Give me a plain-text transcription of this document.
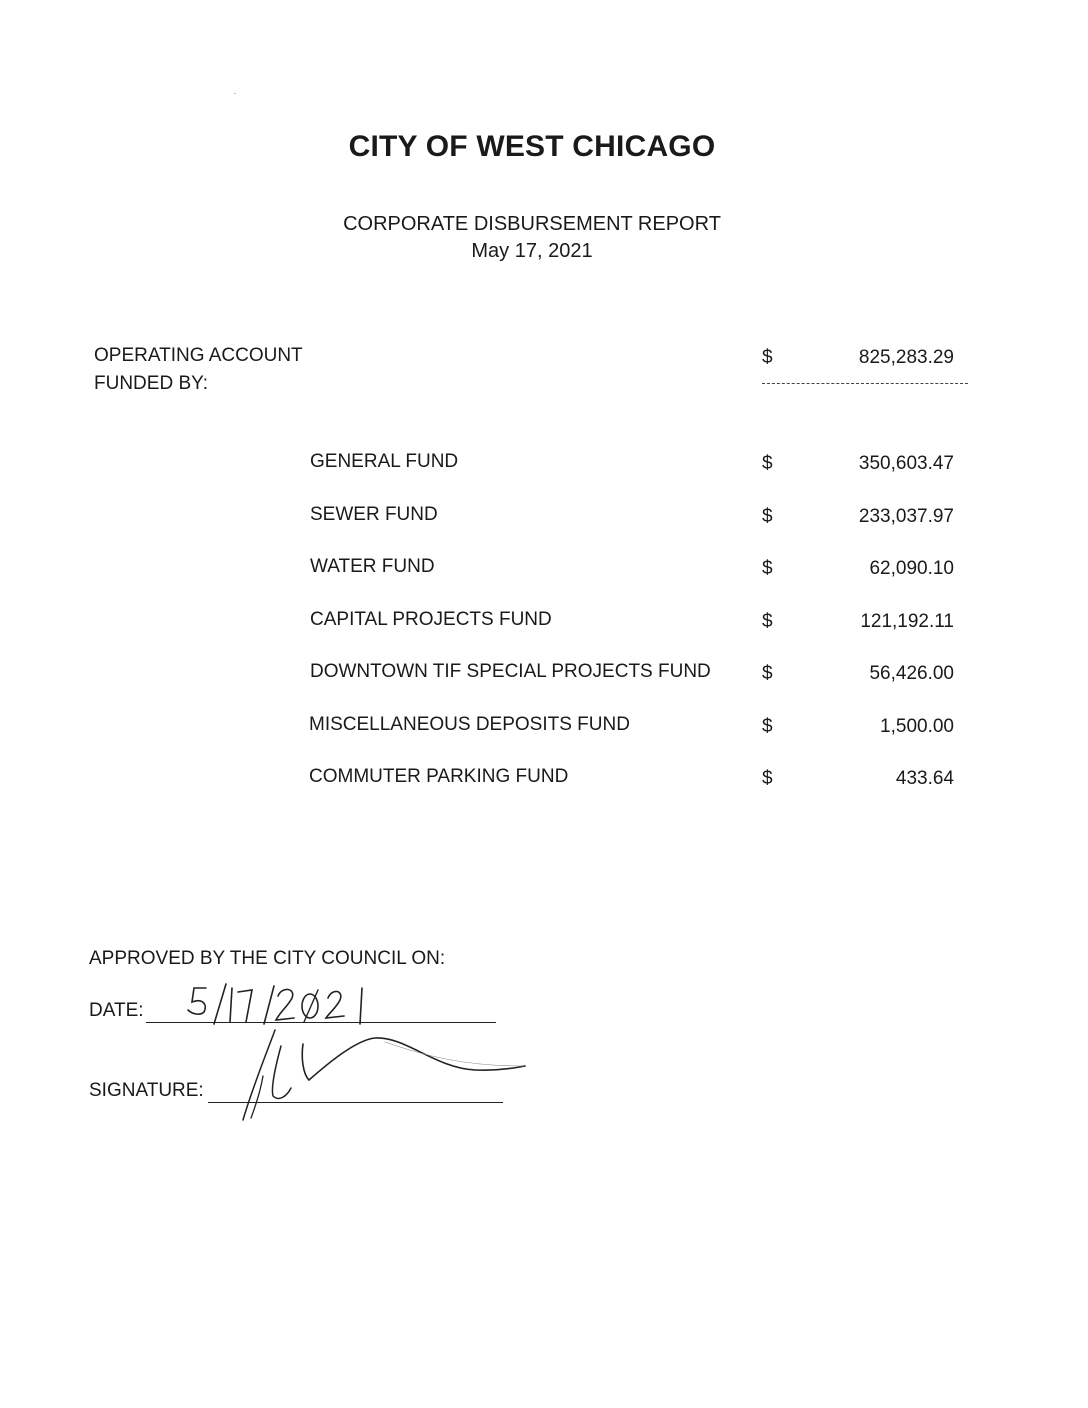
CITY OF WEST CHICAGO
CORPORATE DISBURSEMENT REPORT
May 17, 2021
OPERATING ACCOUNT
FUNDED BY:
$	825,283.29
GENERAL FUND	$	350,603.47
SEWER FUND	$	233,037.97
WATER FUND	$	62,090.10
CAPITAL PROJECTS FUND	$	121,192.11
DOWNTOWN TIF SPECIAL PROJECTS FUND	$	56,426.00
MISCELLANEOUS DEPOSITS FUND	$	1,500.00
COMMUTER PARKING FUND	$	433.64
APPROVED BY THE CITY COUNCIL ON:
DATE:
SIGNATURE:
